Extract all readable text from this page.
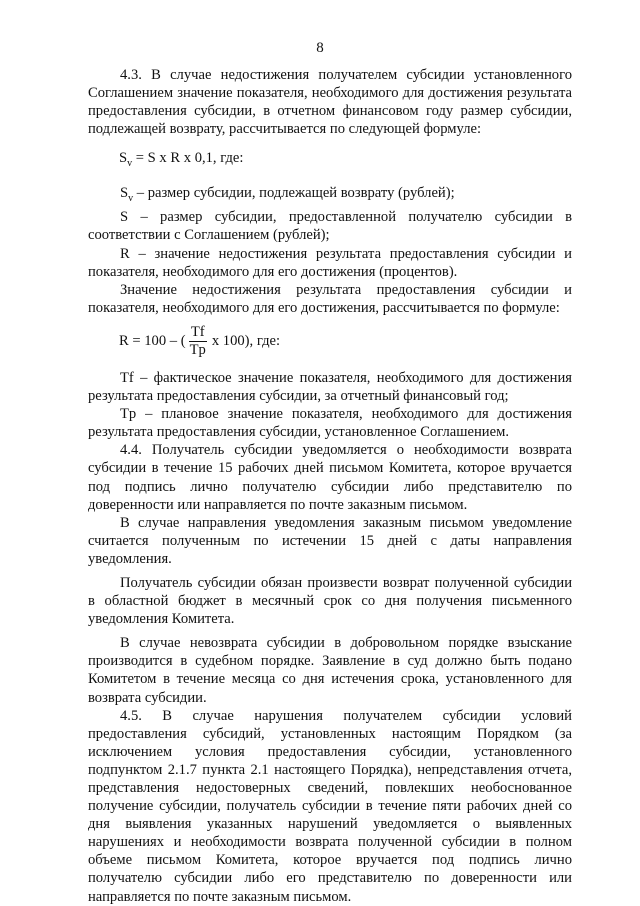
8

4.3. В случае недостижения получателем субсидии установленного Соглашением значение показателя, необходимого для достижения результата предоставления субсидии, в отчетном финансовом году размер субсидии, подлежащей возврату, рассчитывается по следующей формуле:

$S_v = S$ x R x 0,1, где:

$S_v$ – размер субсидии, подлежащей возврату (рублей);

S – размер субсидии, предоставленной получателю субсидии в соответствии с Соглашением (рублей);

R – значение недостижения результата предоставления субсидии и показателя, необходимого для его достижения (процентов).

Значение недостижения результата предоставления субсидии и показателя, необходимого для его достижения, рассчитывается по формуле:

R = 100 – ( $\frac{Tf}{Tp}$ x 100), где:

Tf – фактическое значение показателя, необходимого для достижения результата предоставления субсидии, за отчетный финансовый год;

Tp – плановое значение показателя, необходимого для достижения результата предоставления субсидии, установленное Соглашением.

4.4. Получатель субсидии уведомляется о необходимости возврата субсидии в течение 15 рабочих дней письмом Комитета, которое вручается под подпись лично получателю субсидии либо представителю по доверенности или направляется по почте заказным письмом.

В случае направления уведомления заказным письмом уведомление считается полученным по истечении 15 дней с даты направления уведомления.

Получатель субсидии обязан произвести возврат полученной субсидии в областной бюджет в месячный срок со дня получения письменного уведомления Комитета.

В случае невозврата субсидии в добровольном порядке взыскание производится в судебном порядке. Заявление в суд должно быть подано Комитетом в течение месяца со дня истечения срока, установленного для возврата субсидии.

4.5. В случае нарушения получателем субсидии условий предоставления субсидий, установленных настоящим Порядком (за исключением условия предоставления субсидии, установленного подпунктом 2.1.7 пункта 2.1 настоящего Порядка), непредставления отчета, представления недостоверных сведений, повлекших необоснованное получение субсидии, получатель субсидии в течение пяти рабочих дней со дня выявления указанных нарушений уведомляется о выявленных нарушениях и необходимости возврата полученной субсидии в полном объеме письмом Комитета, которое вручается под подпись лично получателю субсидии либо его представителю по доверенности или направляется по почте заказным письмом.
